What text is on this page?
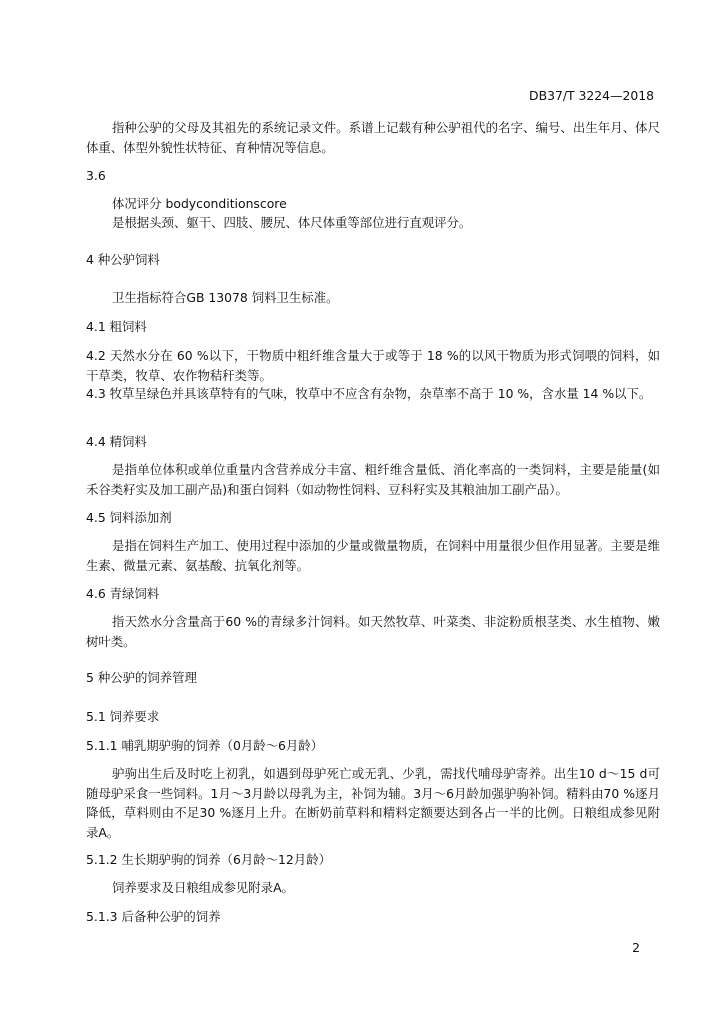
DB37/T 3224—2018
指种公驴的父母及其祖先的系统记录文件。系谱上记载有种公驴祖代的名字、编号、出生年月、体尺体重、体型外貌性状特征、育种情况等信息。
3.6
体况评分 bodyconditionscore
是根据头颈、躯干、四肢、腰尻、体尺体重等部位进行直观评分。
4 种公驴饲料
卫生指标符合GB 13078 饲料卫生标准。
4.1 粗饲料
4.2 天然水分在 60 %以下，干物质中粗纤维含量大于或等于 18 %的以风干物质为形式饲喂的饲料，如干草类，牧草、农作物秸秆类等。
4.3 牧草呈绿色并具该草特有的气味，牧草中不应含有杂物，杂草率不高于 10 %，含水量 14 %以下。
4.4 精饲料
是指单位体积或单位重量内含营养成分丰富、粗纤维含量低、消化率高的一类饲料，主要是能量(如禾谷类籽实及加工副产品)和蛋白饲料（如动物性饲料、豆科籽实及其粮油加工副产品）。
4.5 饲料添加剂
是指在饲料生产加工、使用过程中添加的少量或微量物质，在饲料中用量很少但作用显著。主要是维生素、微量元素、氨基酸、抗氧化剂等。
4.6 青绿饲料
指天然水分含量高于60 %的青绿多汁饲料。如天然牧草、叶菜类、非淀粉质根茎类、水生植物、嫩树叶类。
5 种公驴的饲养管理
5.1 饲养要求
5.1.1 哺乳期驴驹的饲养（0月龄～6月龄）
驴驹出生后及时吃上初乳，如遇到母驴死亡或无乳、少乳，需找代哺母驴寄养。出生10 d～15 d可随母驴采食一些饲料。1月～3月龄以母乳为主，补饲为辅。3月～6月龄加强驴驹补饲。精料由70 %逐月降低，草料则由不足30 %逐月上升。在断奶前草料和精料定额要达到各占一半的比例。日粮组成参见附录A。
5.1.2 生长期驴驹的饲养（6月龄～12月龄）
饲养要求及日粮组成参见附录A。
5.1.3 后备种公驴的饲养
2
